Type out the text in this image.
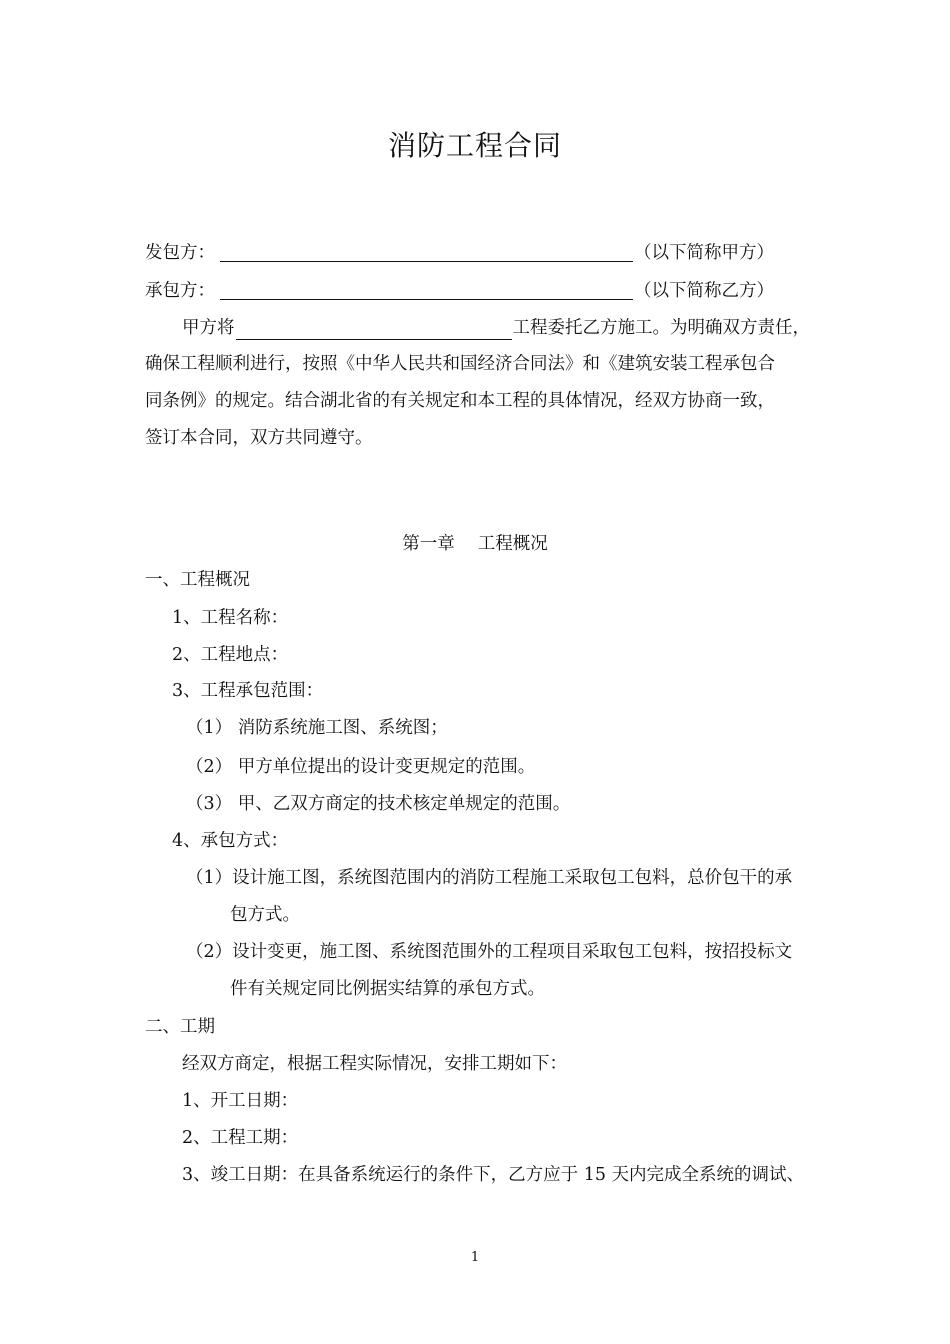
消防工程合同
发包方：	（以下简称甲方）
承包方：	（以下简称乙方）
甲方将	工程委托乙方施工。为明确双方责任，
确保工程顺利进行，按照《中华人民共和国经济合同法》和《建筑安装工程承包合
同条例》的规定。结合湖北省的有关规定和本工程的具体情况，经双方协商一致，
签订本合同，双方共同遵守。
第一章　 工程概况
一、工程概况
1、工程名称：
2、工程地点：
3、工程承包范围：
（1） 消防系统施工图、系统图；
（2） 甲方单位提出的设计变更规定的范围。
（3） 甲、乙双方商定的技术核定单规定的范围。
4、承包方式：
（1）设计施工图，系统图范围内的消防工程施工采取包工包料，总价包干的承
包方式。
（2）设计变更，施工图、系统图范围外的工程项目采取包工包料，按招投标文
件有关规定同比例据实结算的承包方式。
二、工期
经双方商定，根据工程实际情况，安排工期如下：
1、开工日期：
2、工程工期：
3、竣工日期：在具备系统运行的条件下，乙方应于 15 天内完成全系统的调试、
1
